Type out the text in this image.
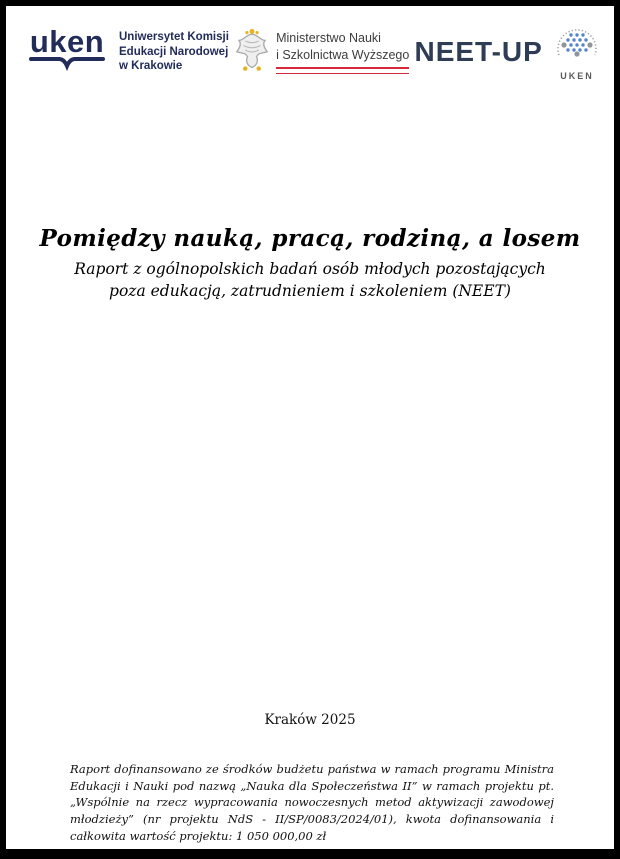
uken Uniwersytet Komisji
Edukacji Narodowej
w Krakowie
Ministerstwo Nauki
i Szkolnictwa Wyższego NEET-UP
UKEN
Pomiędzy nauką, pracą, rodziną, a losem
Raport z ogólnopolskich badań osób młodych pozostających poza edukacją, zatrudnieniem i szkoleniem (NEET)
Kraków 2025
Raport dofinansowano ze środków budżetu państwa w ramach programu Ministra Edukacji i Nauki pod nazwą „Nauka dla Społeczeństwa II” w ramach projektu pt. „Wspólnie na rzecz wypracowania nowoczesnych metod aktywizacji zawodowej młodzieży” (nr projektu NdS - II/SP/0083/2024/01), kwota dofinansowania i całkowita wartość projektu: 1 050 000,00 zł
